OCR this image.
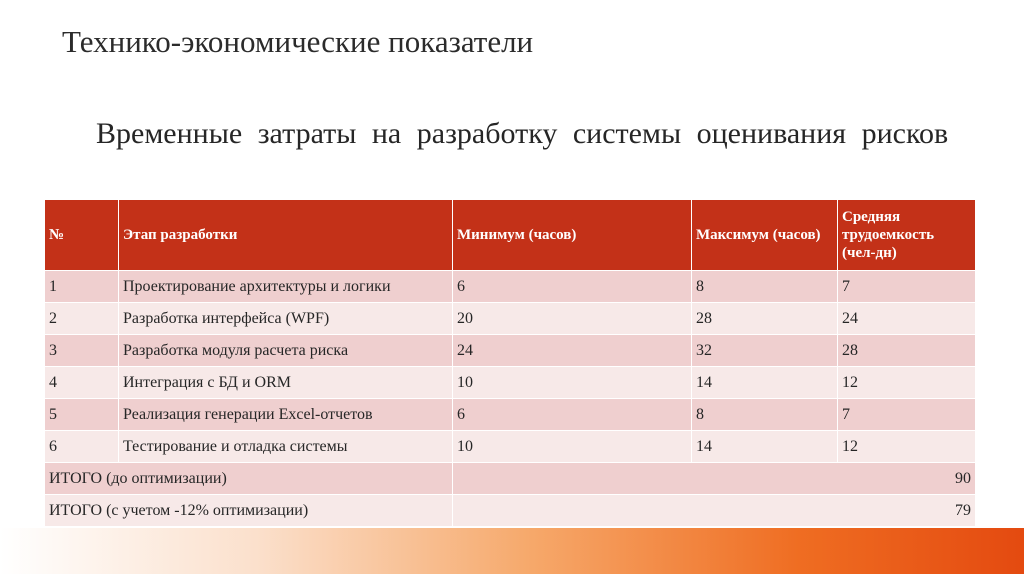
Технико-экономические показатели
Временные затраты на разработку системы оценивания рисков
№	Этап разработки	Минимум (часов)	Максимум (часов)	Средняя трудоемкость (чел-дн)
1	Проектирование архитектуры и логики	6	8	7
2	Разработка интерфейса (WPF)	20	28	24
3	Разработка модуля расчета риска	24	32	28
4	Интеграция с БД и ORM	10	14	12
5	Реализация генерации Excel-отчетов	6	8	7
6	Тестирование и отладка системы	10	14	12
ИТОГО (до оптимизации)		90		
ИТОГО (с учетом -12% оптимизации)		79		
